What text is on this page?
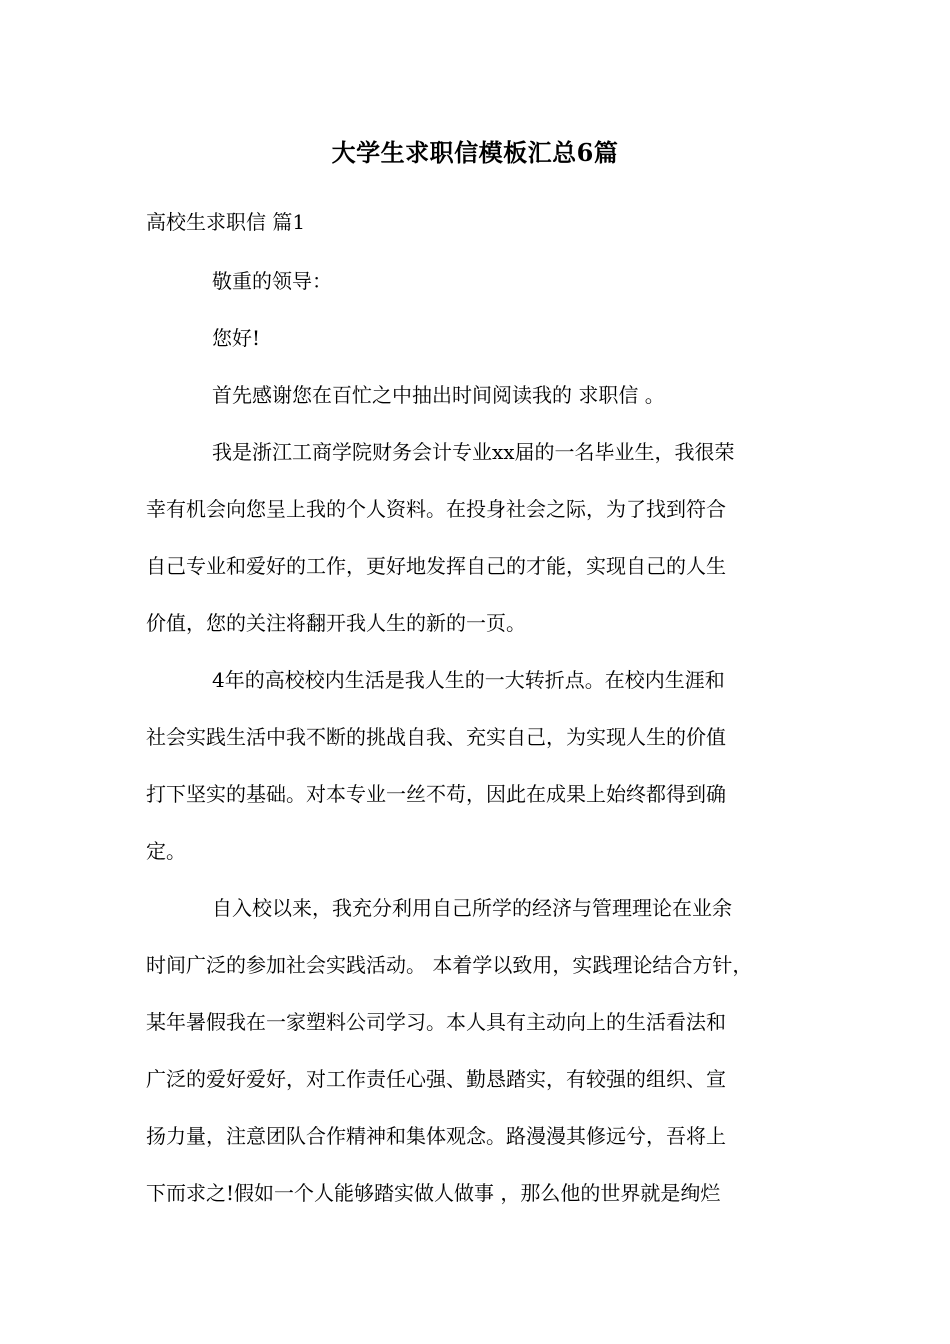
大学生求职信模板汇总6篇
高校生求职信 篇1
敬重的领导：
您好!
首先感谢您在百忙之中抽出时间阅读我的 求职信 。
我是浙江工商学院财务会计专业xx届的一名毕业生，我很荣
幸有机会向您呈上我的个人资料。在投身社会之际，为了找到符合
自己专业和爱好的工作，更好地发挥自己的才能，实现自己的人生
价值，您的关注将翻开我人生的新的一页。
4年的高校校内生活是我人生的一大转折点。在校内生涯和
社会实践生活中我不断的挑战自我、充实自己，为实现人生的价值
打下坚实的基础。对本专业一丝不苟，因此在成果上始终都得到确
定。
自入校以来，我充分利用自己所学的经济与管理理论在业余
时间广泛的参加社会实践活动。 本着学以致用，实践理论结合方针，
某年暑假我在一家塑料公司学习。本人具有主动向上的生活看法和
广泛的爱好爱好，对工作责任心强、勤恳踏实，有较强的组织、宣
扬力量，注意团队合作精神和集体观念。路漫漫其修远兮，吾将上
下而求之!假如一个人能够踏实做人做事 ，那么他的世界就是绚烂
